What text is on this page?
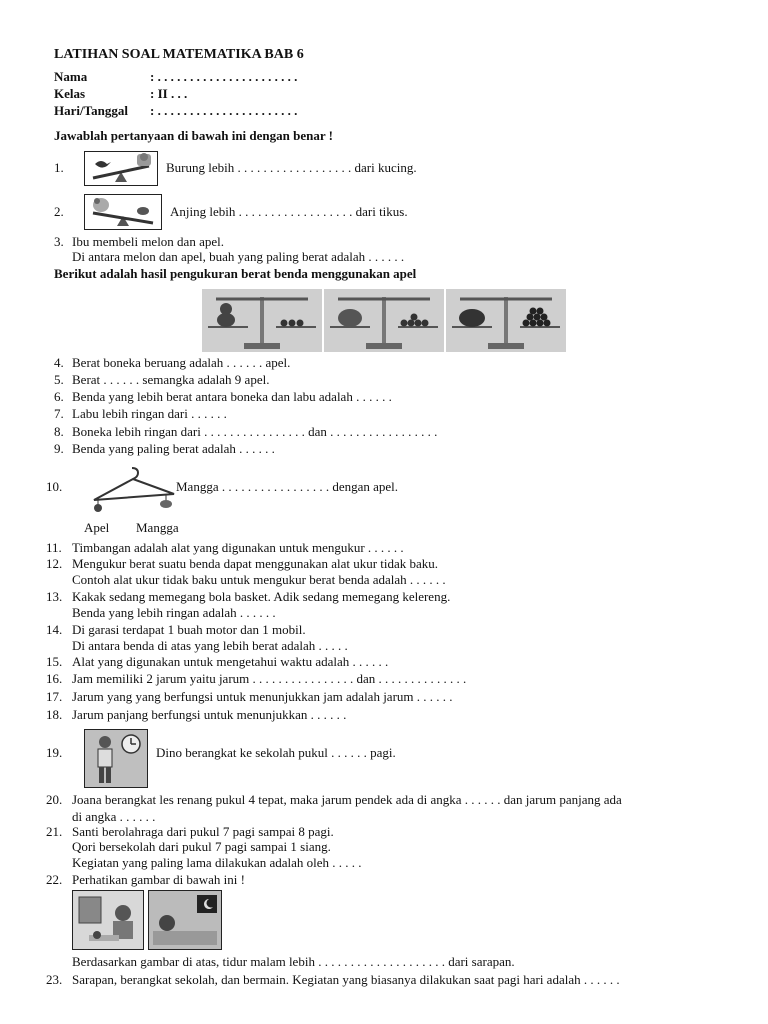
LATIHAN SOAL MATEMATIKA BAB 6
Nama	: . . . . . . . . . . . . . . . . . . . . . .
Kelas	: II . . .
Hari/Tanggal : . . . . . . . . . . . . . . . . . . . . . .
Jawablah pertanyaan di bawah ini dengan benar !
1.	Burung lebih . . . . . . . . . . . . . . . . . . dari kucing.
2.	Anjing lebih . . . . . . . . . . . . . . . . . . dari tikus.
3. Ibu membeli melon dan apel.
Di antara melon dan apel, buah yang paling berat adalah . . . . . .
Berikut adalah hasil pengukuran berat benda menggunakan apel
4. Berat boneka beruang adalah . . . . . . apel.
5. Berat . . . . . . semangka adalah 9 apel.
6. Benda yang lebih berat antara boneka dan labu adalah . . . . . .
7. Labu lebih ringan dari . . . . . .
8. Boneka lebih ringan dari . . . . . . . . . . . . . . . . dan . . . . . . . . . . . . . . . . .
9. Benda yang paling berat adalah . . . . . .
10.
Apel Mangga
Mangga . . . . . . . . . . . . . . . . . dengan apel.
11. Timbangan adalah alat yang digunakan untuk mengukur . . . . . .
12. Mengukur berat suatu benda dapat menggunakan alat ukur tidak baku.
Contoh alat ukur tidak baku untuk mengukur berat benda adalah . . . . . .
13. Kakak sedang memegang bola basket. Adik sedang memegang kelereng.
Benda yang lebih ringan adalah . . . . . .
14. Di garasi terdapat 1 buah motor dan 1 mobil.
Di antara benda di atas yang lebih berat adalah . . . . .
15. Alat yang digunakan untuk mengetahui waktu adalah . . . . . .
16. Jam memiliki 2 jarum yaitu jarum . . . . . . . . . . . . . . . . dan . . . . . . . . . . . . . .
17. Jarum yang yang berfungsi untuk menunjukkan jam adalah jarum . . . . . .
18. Jarum panjang berfungsi untuk menunjukkan . . . . . .
19.	Dino berangkat ke sekolah pukul . . . . . . pagi.
20. Joana berangkat les renang pukul 4 tepat, maka jarum pendek ada di angka . . . . . . dan jarum panjang ada
di angka . . . . . .
21. Santi berolahraga dari pukul 7 pagi sampai 8 pagi.
Qori bersekolah dari pukul 7 pagi sampai 1 siang.
Kegiatan yang paling lama dilakukan adalah oleh . . . . .
22. Perhatikan gambar di bawah ini !
Berdasarkan gambar di atas, tidur malam lebih . . . . . . . . . . . . . . . . . . . . dari sarapan.
23. Sarapan, berangkat sekolah, dan bermain. Kegiatan yang biasanya dilakukan saat pagi hari adalah . . . . . .
